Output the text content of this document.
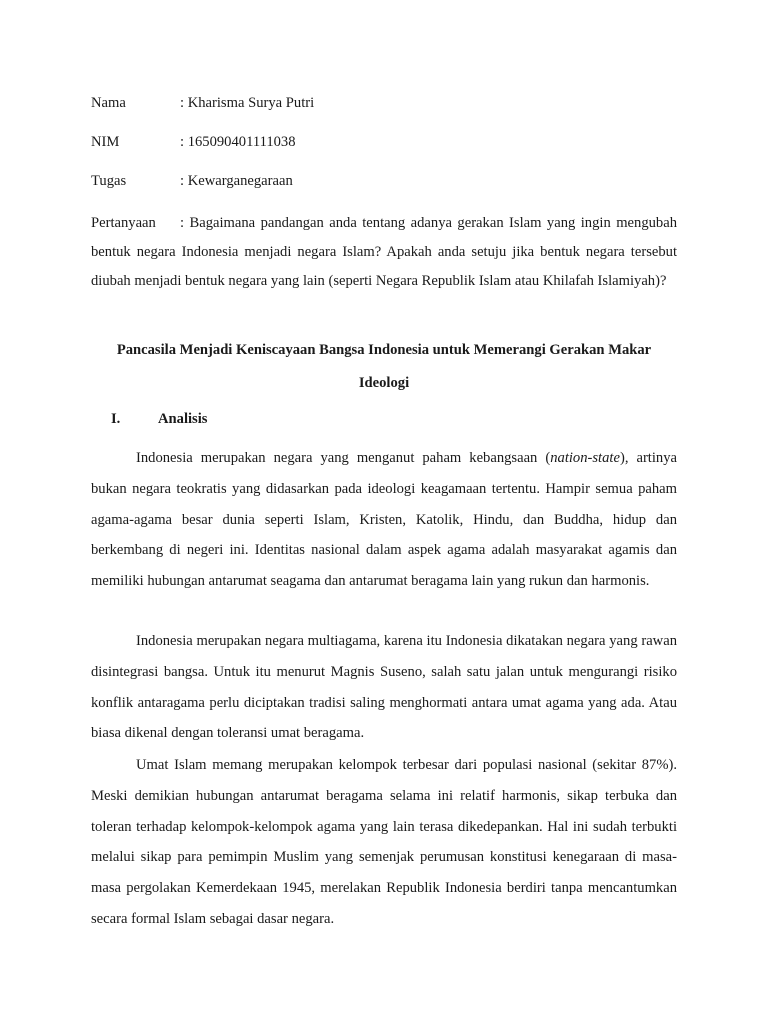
Nama	: Kharisma Surya Putri
NIM	: 165090401111038
Tugas	: Kewarganegaraan

Pertanyaan : Bagaimana pandangan anda tentang adanya gerakan Islam yang ingin mengubah bentuk negara Indonesia menjadi negara Islam? Apakah anda setuju jika bentuk negara tersebut diubah menjadi bentuk negara yang lain (seperti Negara Republik Islam atau Khilafah Islamiyah)?

Pancasila Menjadi Keniscayaan Bangsa Indonesia untuk Memerangi Gerakan Makar Ideologi
I.	Analisis

Indonesia merupakan negara yang menganut paham kebangsaan (nation-state), artinya bukan negara teokratis yang didasarkan pada ideologi keagamaan tertentu. Hampir semua paham agama-agama besar dunia seperti Islam, Kristen, Katolik, Hindu, dan Buddha, hidup dan berkembang di negeri ini. Identitas nasional dalam aspek agama adalah masyarakat agamis dan memiliki hubungan antarumat seagama dan antarumat beragama lain yang rukun dan harmonis.

Indonesia merupakan negara multiagama, karena itu Indonesia dikatakan negara yang rawan disintegrasi bangsa. Untuk itu menurut Magnis Suseno, salah satu jalan untuk mengurangi risiko konflik antaragama perlu diciptakan tradisi saling menghormati antara umat agama yang ada. Atau biasa dikenal dengan toleransi umat beragama.

Umat Islam memang merupakan kelompok terbesar dari populasi nasional (sekitar 87%). Meski demikian hubungan antarumat beragama selama ini relatif harmonis, sikap terbuka dan toleran terhadap kelompok-kelompok agama yang lain terasa dikedepankan. Hal ini sudah terbukti melalui sikap para pemimpin Muslim yang semenjak perumusan konstitusi kenegaraan di masa-masa pergolakan Kemerdekaan 1945, merelakan Republik Indonesia berdiri tanpa mencantumkan secara formal Islam sebagai dasar negara.
